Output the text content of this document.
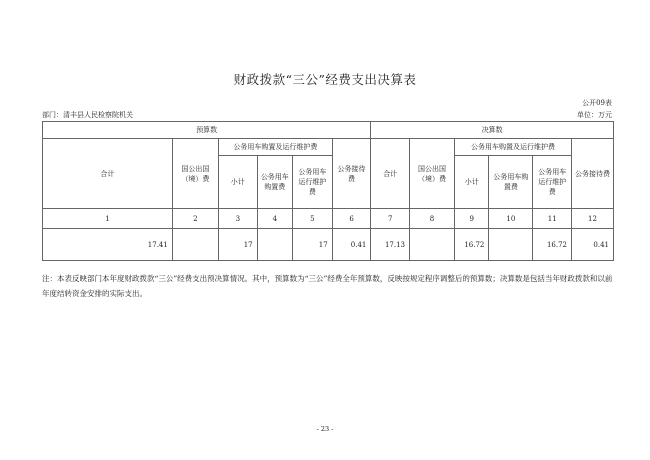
财政拨款“三公”经费支出决算表
公开09表
部门：清丰县人民检察院机关	单位：万元
预算数						决算数					
合计	国公出国（境）费	公务用车购置及运行维护费			公务接待费	合计	国公出国（境）费	公务用车购置及运行维护费			公务接待费
		小计	公务用车购置费	公务用车运行维护费				小计	公务用车购置费	公务用车运行维护费	
1	2	3	4	5	6	7	8	9	10	11	12
17.41		17		17	0.41	17.13		16.72		16.72	0.41
注：本表反映部门本年度财政拨款“三公”经费支出预决算情况。其中，预算数为“三公”经费全年预算数，反映按规定程序调整后的预算数；决算数是包括当年财政拨款和以前年度结转资金安排的实际支出。
- 23 -
